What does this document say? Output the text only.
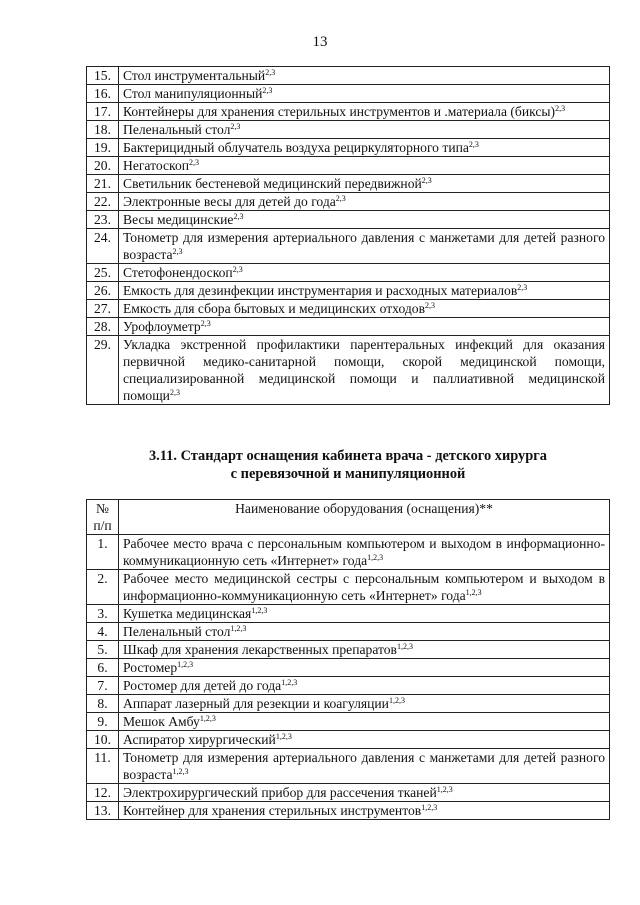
13
15.	Стол инструментальный$^{2,3}$
16.	Стол манипуляционный$^{2,3}$
17.	Контейнеры для хранения стерильных инструментов и .материала (биксы)$^{2,3}$
18.	Пеленальный стол$^{2,3}$
19.	Бактерицидный облучатель воздуха рециркуляторного типа$^{2,3}$
20.	Негатоскоп$^{2,3}$
21.	Светильник бестеневой медицинский передвижной$^{2,3}$
22.	Электронные весы для детей до года$^{2,3}$
23.	Весы медицинские$^{2,3}$
24.	Тонометр для измерения артериального давления с манжетами для детей разного возраста$^{2,3}$
25.	Стетофонендоскоп$^{2,3}$
26.	Емкость для дезинфекции инструментария и расходных материалов$^{2,3}$
27.	Емкость для сбора бытовых и медицинских отходов$^{2,3}$
28.	Урофлоуметр$^{2,3}$
29.	Укладка экстренной профилактики парентеральных инфекций для оказания первичной медико-санитарной помощи, скорой медицинской помощи, специализированной медицинской помощи и паллиативной медицинской помощи$^{2,3}$
3.11. Стандарт оснащения кабинета врача - детского хирурга
с перевязочной и манипуляционной
№
п/п	Наименование оборудования (оснащения)**
1.	Рабочее место врача с персональным компьютером и выходом в информационно-коммуникационную сеть «Интернет» года$^{1,2,3}$
2.	Рабочее место медицинской сестры с персональным компьютером и выходом в информационно-коммуникационную сеть «Интернет» года$^{1,2,3}$
3.	Кушетка медицинская$^{1,2,3}$
4.	Пеленальный стол$^{1,2,3}$
5.	Шкаф для хранения лекарственных препаратов$^{1,2,3}$
6.	Ростомер$^{1,2,3}$
7.	Ростомер для детей до года$^{1,2,3}$
8.	Аппарат лазерный для резекции и коагуляции$^{1,2,3}$
9.	Мешок Амбу$^{1,2,3}$
10.	Аспиратор хирургический$^{1,2,3}$
11.	Тонометр для измерения артериального давления с манжетами для детей разного возраста$^{1,2,3}$
12.	Электрохирургический прибор для рассечения тканей$^{1,2,3}$
13.	Контейнер для хранения стерильных инструментов$^{1,2,3}$
